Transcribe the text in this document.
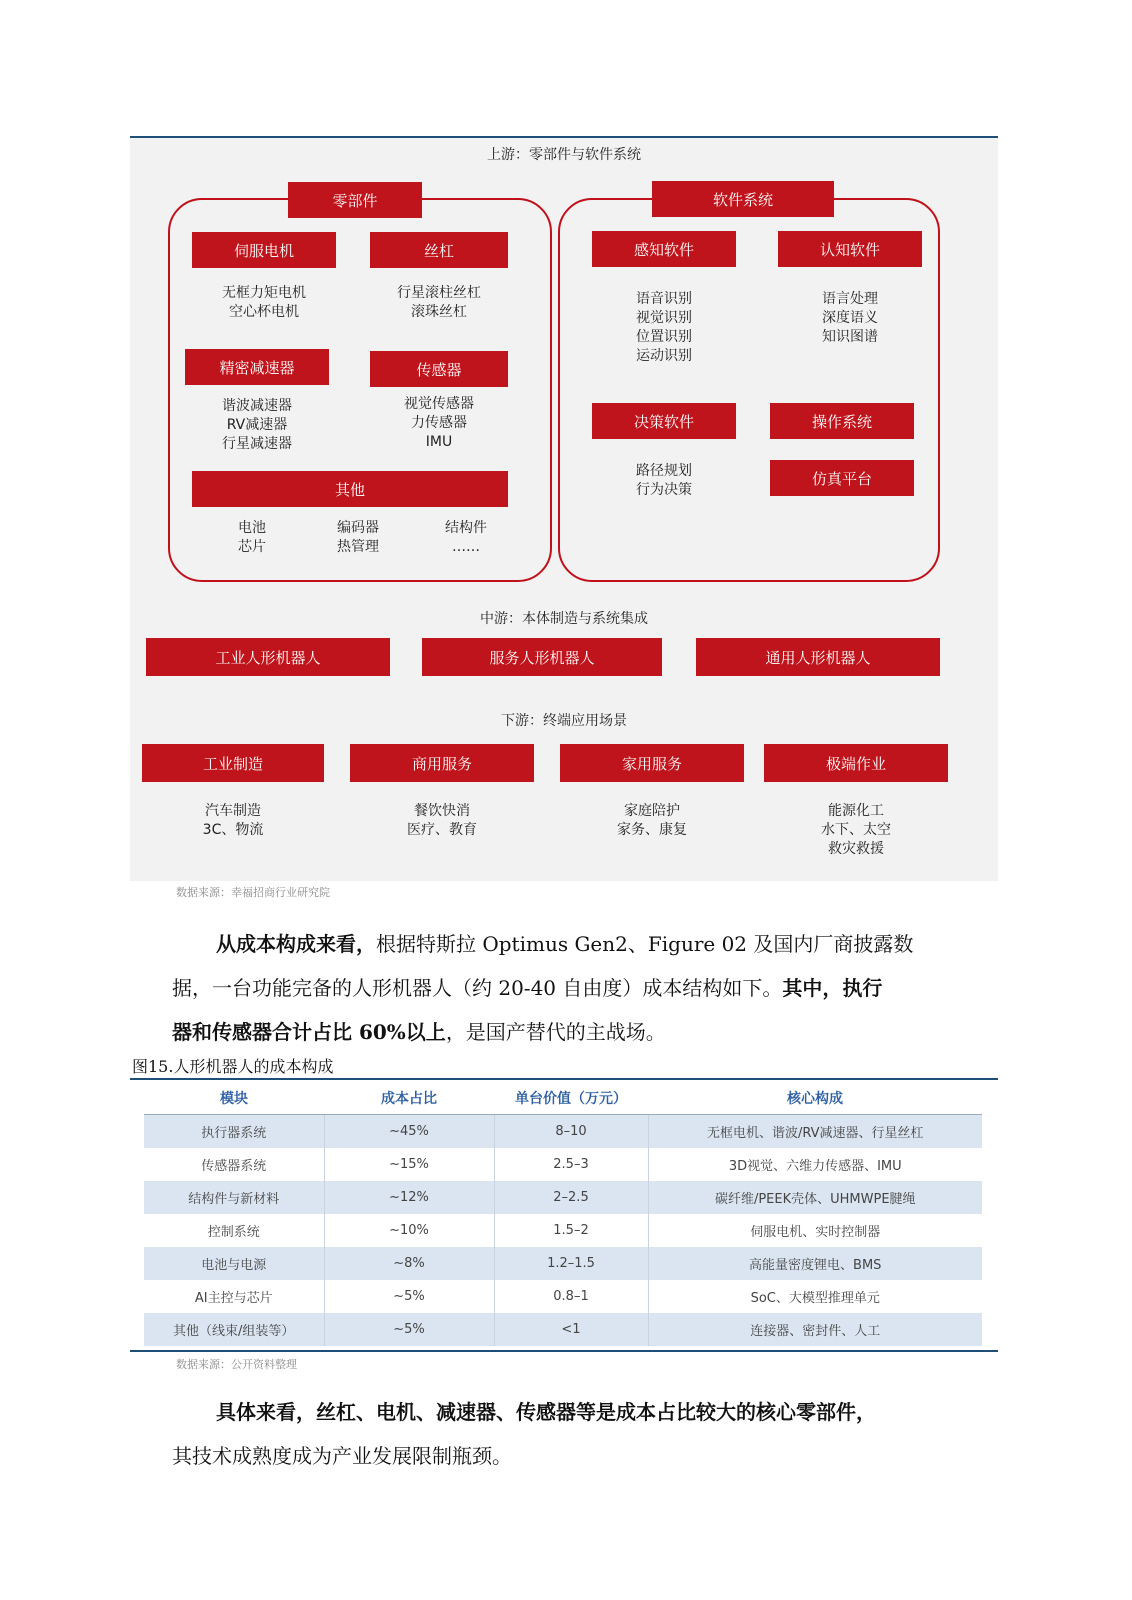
上游：零部件与软件系统
零部件
伺服电机
无框力矩电机
空心杯电机
丝杠
行星滚柱丝杠
滚珠丝杠
精密减速器
谐波减速器
RV减速器
行星减速器
传感器
视觉传感器
力传感器
IMU
其他
电池
芯片
编码器
热管理
结构件
……
软件系统
感知软件
语音识别
视觉识别
位置识别
运动识别
认知软件
语言处理
深度语义
知识图谱
决策软件
路径规划
行为决策
操作系统
仿真平台
中游：本体制造与系统集成
工业人形机器人	服务人形机器人	通用人形机器人
下游：终端应用场景
工业制造
汽车制造
3C、物流
商用服务
餐饮快消
医疗、教育
家用服务
家庭陪护
家务、康复
极端作业
能源化工
水下、太空
救灾救援
数据来源：幸福招商行业研究院
从成本构成来看，根据特斯拉 Optimus Gen2、Figure 02 及国内厂商披露数
据，一台功能完备的人形机器人（约 20-40 自由度）成本结构如下。其中，执行
器和传感器合计占比 60%以上，是国产替代的主战场。
图15.人形机器人的成本构成
模块	成本占比	单台价值（万元）	核心构成
执行器系统	~45%	8–10	无框电机、谐波/RV减速器、行星丝杠
传感器系统	~15%	2.5–3	3D视觉、六维力传感器、IMU
结构件与新材料	~12%	2–2.5	碳纤维/PEEK壳体、UHMWPE腱绳
控制系统	~10%	1.5–2	伺服电机、实时控制器
电池与电源	~8%	1.2–1.5	高能量密度锂电、BMS
AI主控与芯片	~5%	0.8–1	SoC、大模型推理单元
其他（线束/组装等）	~5%	<1	连接器、密封件、人工
数据来源：公开资料整理
具体来看，丝杠、电机、减速器、传感器等是成本占比较大的核心零部件，
其技术成熟度成为产业发展限制瓶颈。
